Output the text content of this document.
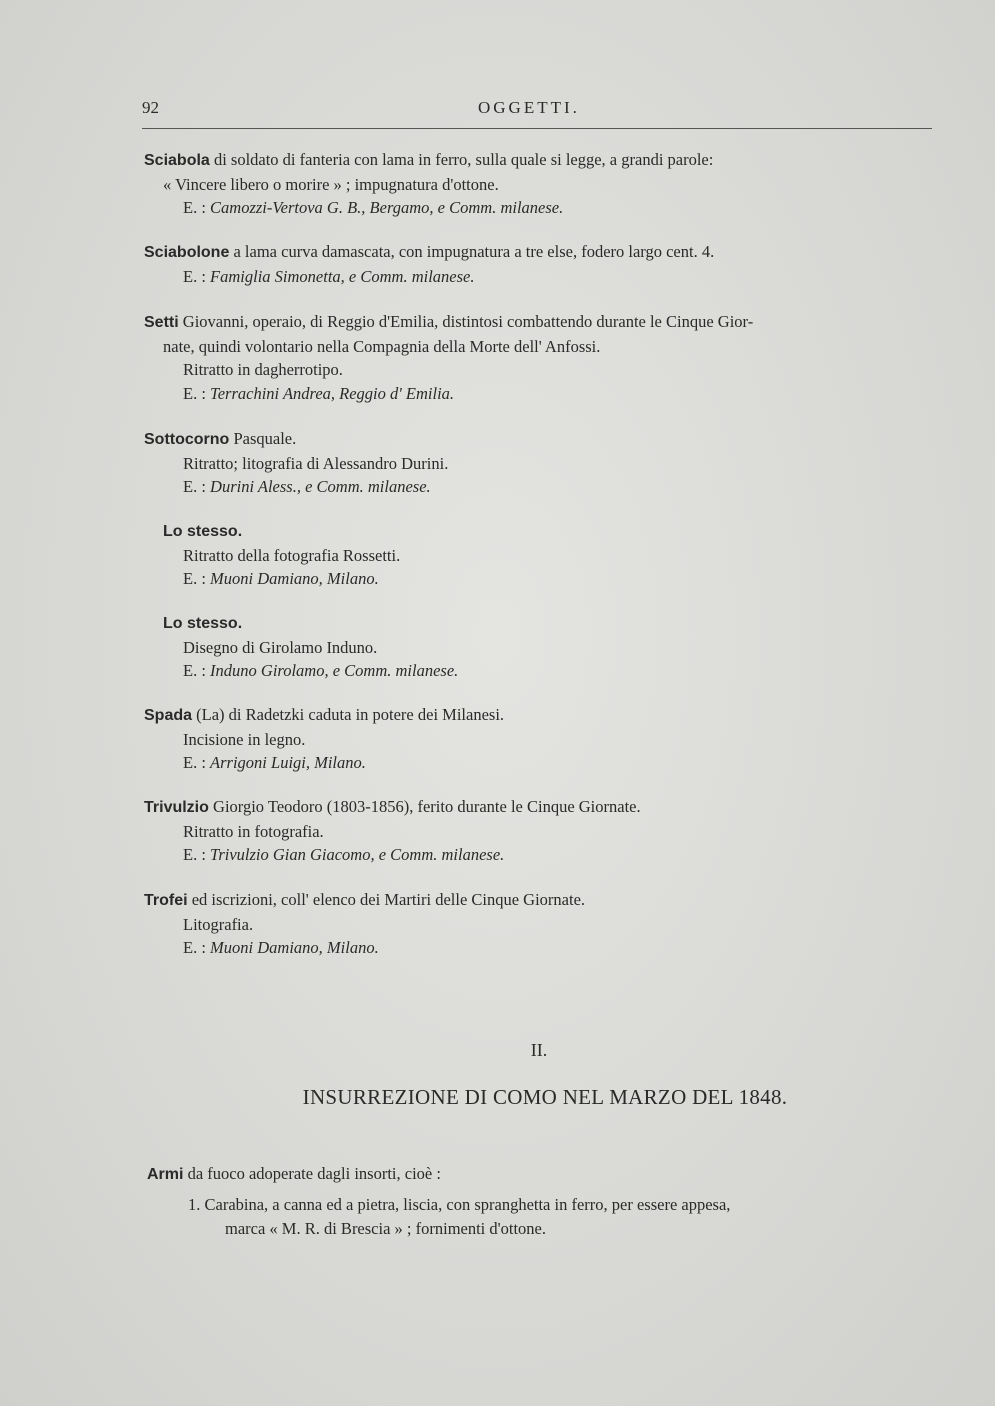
92	OGGETTI.

Sciabola di soldato di fanteria con lama in ferro, sulla quale si legge, a grandi parole:

« Vincere libero o morire » ; impugnatura d'ottone.

E. : Camozzi-Vertova G. B., Bergamo, e Comm. milanese.

Sciabolone a lama curva damascata, con impugnatura a tre else, fodero largo cent. 4.

E. : Famiglia Simonetta, e Comm. milanese.

Setti Giovanni, operaio, di Reggio d'Emilia, distintosi combattendo durante le Cinque Gior-

nate, quindi volontario nella Compagnia della Morte dell' Anfossi.

Ritratto in dagherrotipo.

E. : Terrachini Andrea, Reggio d' Emilia.

Sottocorno Pasquale.

Ritratto; litografia di Alessandro Durini.

E. : Durini Aless., e Comm. milanese.

Lo stesso.

Ritratto della fotografia Rossetti.

E. : Muoni Damiano, Milano.

Lo stesso.

Disegno di Girolamo Induno.

E. : Induno Girolamo, e Comm. milanese.

Spada (La) di Radetzki caduta in potere dei Milanesi.

Incisione in legno.

E. : Arrigoni Luigi, Milano.

Trivulzio Giorgio Teodoro (1803-1856), ferito durante le Cinque Giornate.

Ritratto in fotografia.

E. : Trivulzio Gian Giacomo, e Comm. milanese.

Trofei ed iscrizioni, coll' elenco dei Martiri delle Cinque Giornate.

Litografia.

E. : Muoni Damiano, Milano.

II.
INSURREZIONE DI COMO NEL MARZO DEL 1848.

Armi da fuoco adoperate dagli insorti, cioè :

1. Carabina, a canna ed a pietra, liscia, con spranghetta in ferro, per essere appesa,

marca « M. R. di Brescia » ; fornimenti d'ottone.
